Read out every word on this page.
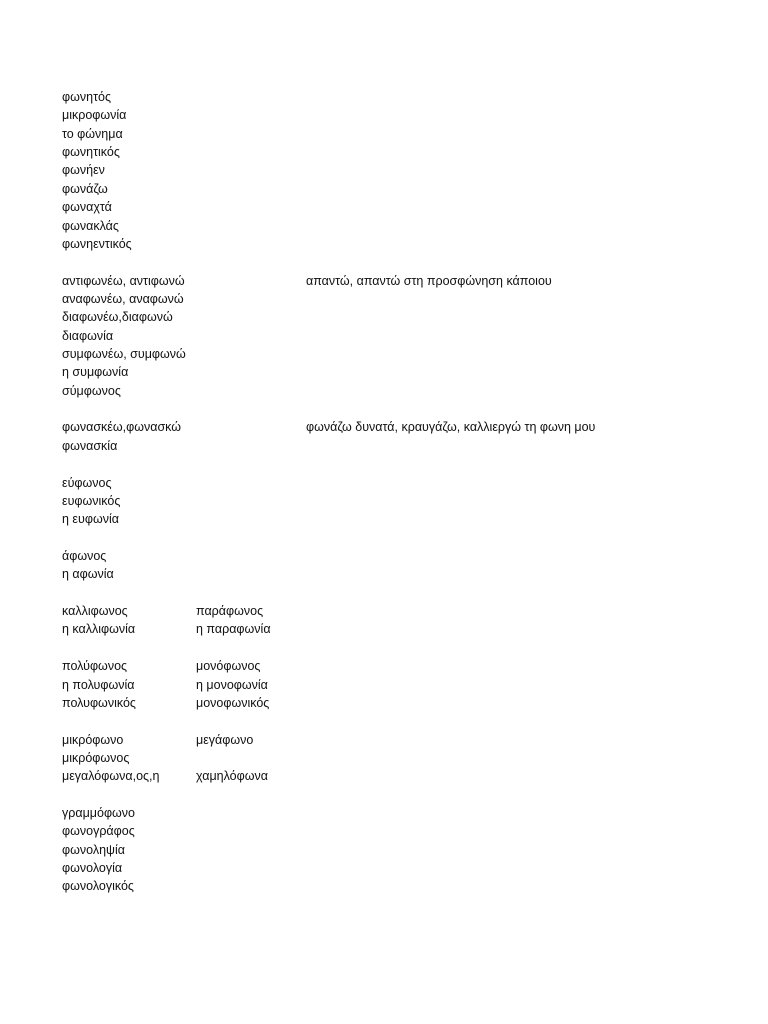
φωνητός
μικροφωνία
το φώνημα
φωνητικός
φωνήεν
φωνάζω
φωναχτά
φωνακλάς
φωνηεντικός
αντιφωνέω, αντιφωνώ	απαντώ, απαντώ στη προσφώνηση κάποιου
αναφωνέω, αναφωνώ
διαφωνέω,διαφωνώ
διαφωνία
συμφωνέω, συμφωνώ
η συμφωνία
σύμφωνος
φωνασκέω,φωνασκώ	φωνάζω δυνατά, κραυγάζω, καλλιεργώ τη φωνη μου
φωνασκία
εύφωνος
ευφωνικός
η ευφωνία
άφωνος
η αφωνία
καλλιφωνος	παράφωνος
η καλλιφωνία	η παραφωνία
πολύφωνος	μονόφωνος
η πολυφωνία	η μονοφωνία
πολυφωνικός	μονοφωνικός
μικρόφωνο	μεγάφωνο
μικρόφωνος
μεγαλόφωνα,ος,η	χαμηλόφωνα
γραμμόφωνο
φωνογράφος
φωνοληψία
φωνολογία
φωνολογικός
